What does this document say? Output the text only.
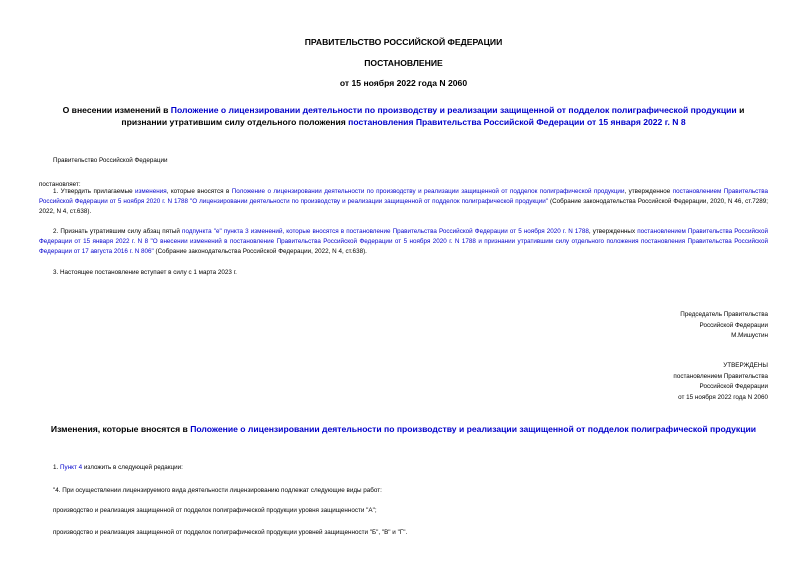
ПРАВИТЕЛЬСТВО РОССИЙСКОЙ ФЕДЕРАЦИИ
ПОСТАНОВЛЕНИЕ
от 15 ноября 2022 года N 2060
О внесении изменений в Положение о лицензировании деятельности по производству и реализации защищенной от подделок полиграфической продукции и признании утратившим силу отдельного положения постановления Правительства Российской Федерации от 15 января 2022 г. N 8
Правительство Российской Федерации
постановляет:
1. Утвердить прилагаемые изменения, которые вносятся в Положение о лицензировании деятельности по производству и реализации защищенной от подделок полиграфической продукции, утвержденное постановлением Правительства Российской Федерации от 5 ноября 2020 г. N 1788 "О лицензировании деятельности по производству и реализации защищенной от подделок полиграфической продукции" (Собрание законодательства Российской Федерации, 2020, N 46, ст.7289; 2022, N 4, ст.638).
2. Признать утратившим силу абзац пятый подпункта "е" пункта 3 изменений, которые вносятся в постановление Правительства Российской Федерации от 5 ноября 2020 г. N 1788, утвержденных постановлением Правительства Российской Федерации от 15 января 2022 г. N 8 "О внесении изменений в постановление Правительства Российской Федерации от 5 ноября 2020 г. N 1788 и признании утратившим силу отдельного положения постановления Правительства Российской Федерации от 17 августа 2016 г. N 806" (Собрание законодательства Российской Федерации, 2022, N 4, ст.638).
3. Настоящее постановление вступает в силу с 1 марта 2023 г.
Председатель Правительства
Российской Федерации
М.Мишустин
УТВЕРЖДЕНЫ
постановлением Правительства
Российской Федерации
от 15 ноября 2022 года N 2060
Изменения, которые вносятся в Положение о лицензировании деятельности по производству и реализации защищенной от подделок полиграфической продукции
1. Пункт 4 изложить в следующей редакции:
"4. При осуществлении лицензируемого вида деятельности лицензированию подлежат следующие виды работ:
производство и реализация защищенной от подделок полиграфической продукции уровня защищенности "А";
производство и реализация защищенной от подделок полиграфической продукции уровней защищенности "Б", "В" и "Г".
